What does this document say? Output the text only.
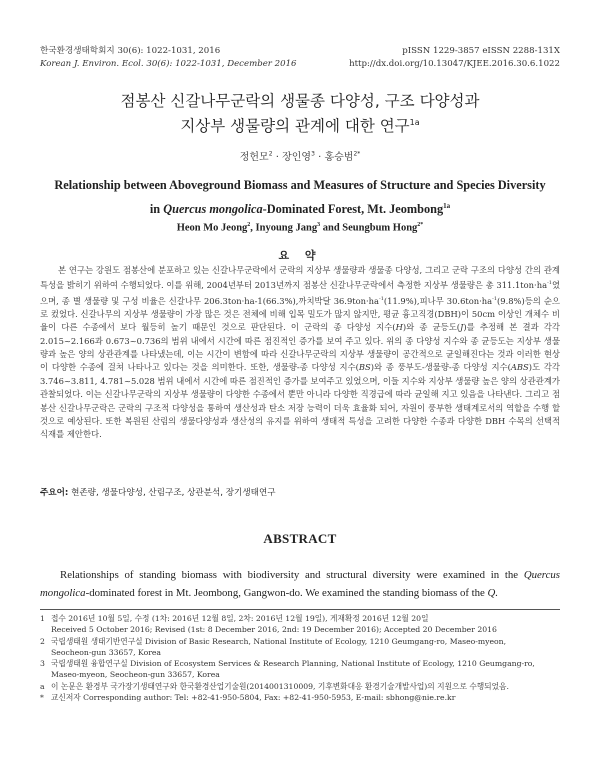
한국환경생태학회지 30(6): 1022-1031, 2016
Korean J. Environ. Ecol. 30(6): 1022-1031, December 2016
pISSN 1229-3857 eISSN 2288-131X
http://dx.doi.org/10.13047/KJEE.2016.30.6.1022
점봉산 신갈나무군락의 생물종 다양성, 구조 다양성과
지상부 생물량의 관계에 대한 연구$^{1a}$
정헌모$^2$ · 장인영$^3$ · 홍승범$^{2*}$
Relationship between Aboveground Biomass and Measures of Structure and Species Diversity
in Quercus mongolica-Dominated Forest, Mt. Jeombong$^{1a}$
Heon Mo Jeong$^2$, Inyoung Jang$^3$ and Seungbum Hong$^{2*}$
요 약

본 연구는 강원도 점봉산에 분포하고 있는 신갈나무군락에서 군락의 지상부 생물량과 생물종 다양성, 그리고 군락 구조의 다양성 간의 관계 특성을 밝히기 위하여 수행되었다. 이를 위해, 2004년부터 2013년까지 점봉산 신갈나무군락에서 측정한 지상부 생물량은 총 $311.1ton\cdot ha^{-1}$였으며, 종 별 생물량 및 구성 비율은 신갈나무 206.3ton·ha-1(66.3%),까치박달 $36.9ton\cdot ha^{-1}(11.9\%)$,피나무 $30.6ton\cdot ha^{-1}(9.8\%)$등의 순으로 컸었다. 신갈나무의 지상부 생물량이 가장 많은 것은 전체에 비해 입목 밀도가 많지 않지만, 평균 흉고직경(DBH)이 50cm 이상인 개체수 비율이 다른 수종에서 보다 월등히 높기 때문인 것으로 판단된다. 이 군락의 종 다양성 지수(H)와 종 균등도(J)를 추정해 본 결과 각각 2.015~2.166과 0.673~0.736의 범위 내에서 시간에 따른 점진적인 증가를 보여 주고 있다. 위의 종 다양성 지수와 종 균등도는 지상부 생물량과 높은 양의 상관관계를 나타냈는데, 이는 시간이 변함에 따라 신갈나무군락의 지상부 생물량이 공간적으로 균일해진다는 것과 이러한 현상이 다양한 수종에 걸쳐 나타나고 있다는 것을 의미한다. 또한, 생물량-종 다양성 지수(BS)와 종 풍부도-생물량-종 다양성 지수(ABS)도 각각 3.746~3.811, 4.781~5.028 범위 내에서 시간에 따른 점진적인 증가를 보여주고 있었으며, 이들 지수와 지상부 생물량 높은 양의 상관관계가 관찰되었다. 이는 신갈나무군락의 지상부 생물량이 다양한 수종에서 뿐만 아니라 다양한 직경급에 따라 균일해 지고 있음을 나타낸다. 그리고 점봉산 신갈나무군락은 군락의 구조적 다양성을 통하여 생산성과 탄소 저장 능력이 더욱 효율화 되어, 자원이 풍부한 생태계로서의 역할을 수행 할 것으로 예상된다. 또한 복원된 산림의 생물다양성과 생산성의 유지를 위하여 생태적 특성을 고려한 다양한 수종과 다양한 DBH 수목의 선택적 식재를 제안한다.

주요어: 현존량, 생물다양성, 산림구조, 상관분석, 장기생태연구
ABSTRACT

Relationships of standing biomass with biodiversity and structural diversity were examined in the Quercus mongolica-dominated forest in Mt. Jeombong, Gangwon-do. We examined the standing biomass of the Q.

1 접수 2016년 10월 5일, 수정 (1차: 2016년 12월 8일, 2차: 2016년 12월 19일), 게재확정 2016년 12월 20일
Received 5 October 2016; Revised (1st: 8 December 2016, 2nd: 19 December 2016); Accepted 20 December 2016
2 국립생태원 생태기반연구실 Division of Basic Research, National Institute of Ecology, 1210 Geumgang-ro, Maseo-myeon,
Seocheon-gun 33657, Korea
3 국립생태원 융합연구실 Division of Ecosystem Services & Research Planning, National Institute of Ecology, 1210 Geumgang-ro,
Maseo-myeon, Seocheon-gun 33657, Korea
a 이 논문은 환경부 국가장기생태연구와 한국환경산업기술원(2014001310009, 기후변화대응 환경기술개발사업)의 지원으로 수행되었음.
* 교신저자 Corresponding author: Tel: +82-41-950-5804, Fax: +82-41-950-5953, E-mail: sbhong@nie.re.kr
